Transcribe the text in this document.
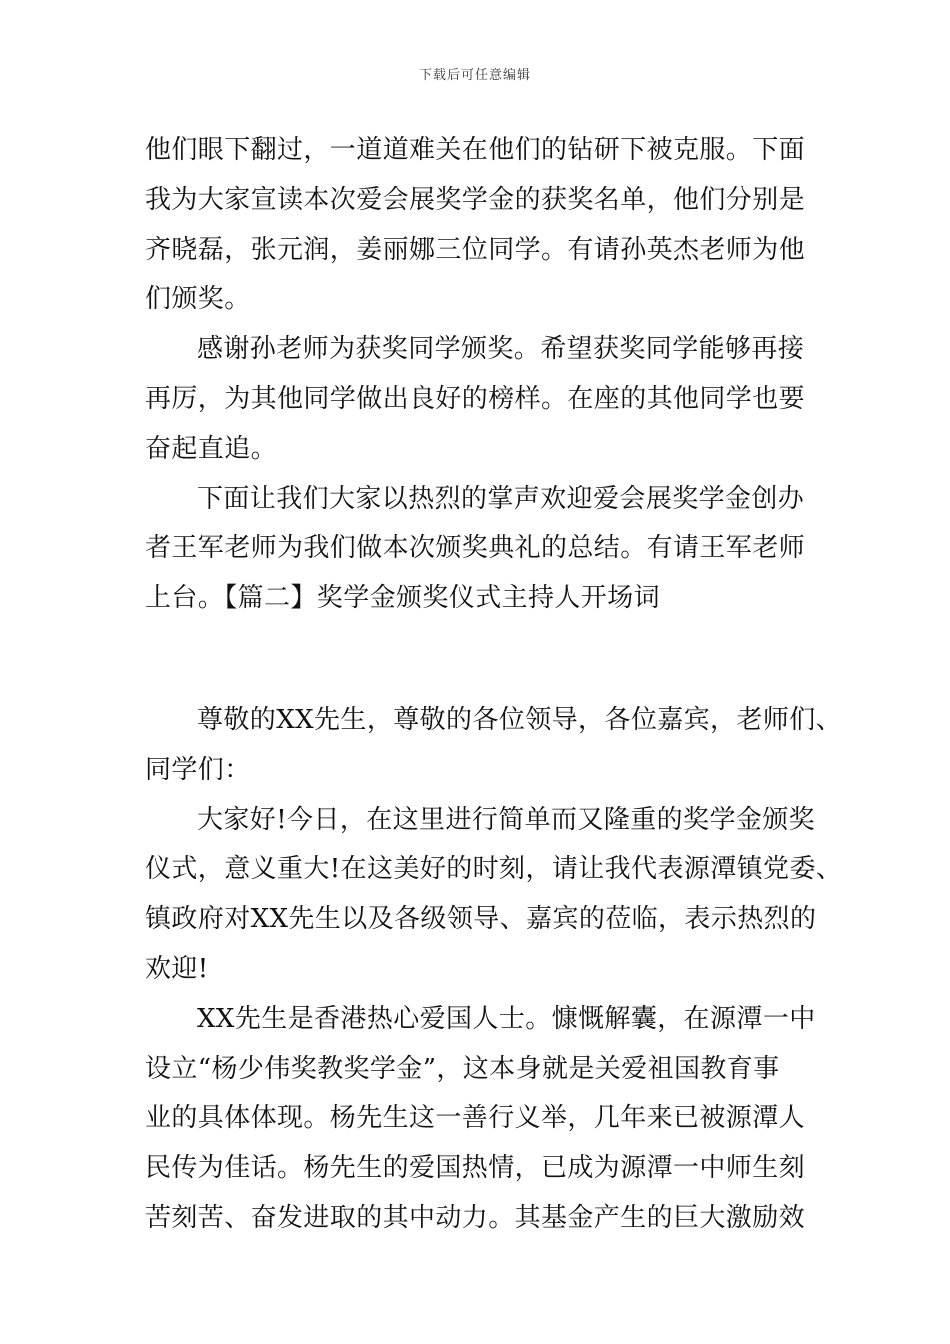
下载后可任意编辑
他们眼下翻过，一道道难关在他们的钻研下被克服。下面
我为大家宣读本次爱会展奖学金的获奖名单，他们分别是
齐晓磊，张元润，姜丽娜三位同学。有请孙英杰老师为他
们颁奖。
感谢孙老师为获奖同学颁奖。希望获奖同学能够再接
再厉，为其他同学做出良好的榜样。在座的其他同学也要
奋起直追。
下面让我们大家以热烈的掌声欢迎爱会展奖学金创办
者王军老师为我们做本次颁奖典礼的总结。有请王军老师
上台。【篇二】奖学金颁奖仪式主持人开场词
尊敬的XX先生，尊敬的各位领导，各位嘉宾，老师们、
同学们：
大家好!今日，在这里进行简单而又隆重的奖学金颁奖
仪式，意义重大!在这美好的时刻，请让我代表源潭镇党委、
镇政府对XX先生以及各级领导、嘉宾的莅临，表示热烈的
欢迎!
XX先生是香港热心爱国人士。慷慨解囊，在源潭一中
设立“杨少伟奖教奖学金”，这本身就是关爱祖国教育事
业的具体体现。杨先生这一善行义举，几年来已被源潭人
民传为佳话。杨先生的爱国热情，已成为源潭一中师生刻
苦刻苦、奋发进取的其中动力。其基金产生的巨大激励效
